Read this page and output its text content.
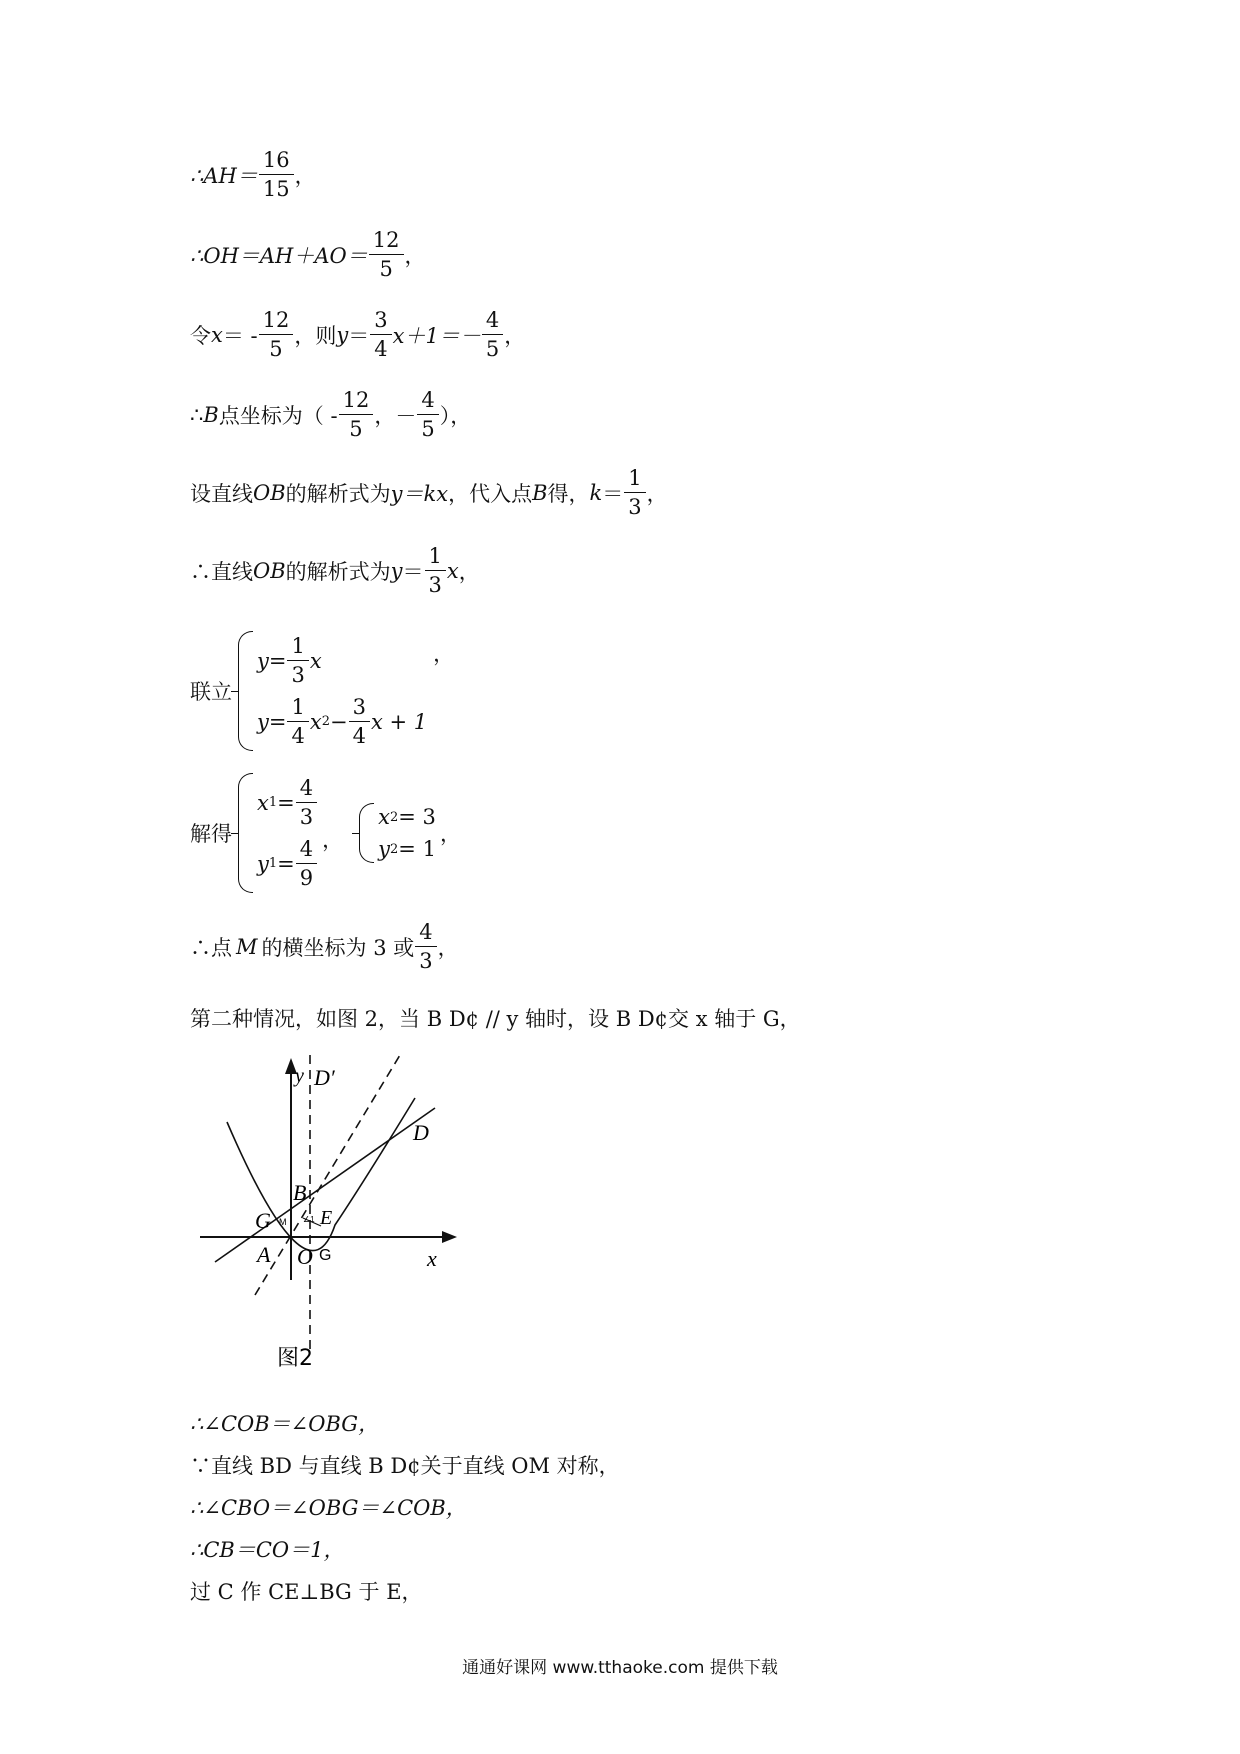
∴AH＝ $\frac{16}{15}$ ，
∴OH＝AH＋AO＝ $\frac{12}{5}$ ，
令 x ＝ - $\frac{12}{5}$ ，则 $y = \frac{3}{4} x+1=- \frac{4}{5}$ ，
∴ B 点坐标为（ - $\frac{12}{5}$ ，－ $\frac{4}{5}$ ），
设直线 OB 的解析式为 y＝kx ，代入点 B 得， $k = \frac{1}{3}$ ，
∴直线 OB 的解析式为 $y = \frac{1}{3}$ x ，
联立
$y = \frac{1}{3}$ x
$y = \frac{1}{4}$ x $2 - \frac{3}{4}$ x + 1
，
解得
x $1 = \frac{4}{3}$
y $1 = \frac{4}{9}$ ，
x 2 = 3
y 2 = 1
，
∴点 M 的横坐标为 3 或 $\frac{4}{3}$ ，
第二种情况，如图 2，当 B D¢ // y 轴时，设 B D¢交 x 轴于 G，
y D′
D
B
G M ∠1 E
A O G	x
图2
∴∠COB＝∠OBG，
∵直线 BD 与直线 B D¢关于直线 OM 对称，
∴∠CBO＝∠OBG＝∠COB，
∴CB＝CO＝1，
过 C 作 CE⊥BG 于 E，
通通好课网 www.tthaoke.com 提供下载
